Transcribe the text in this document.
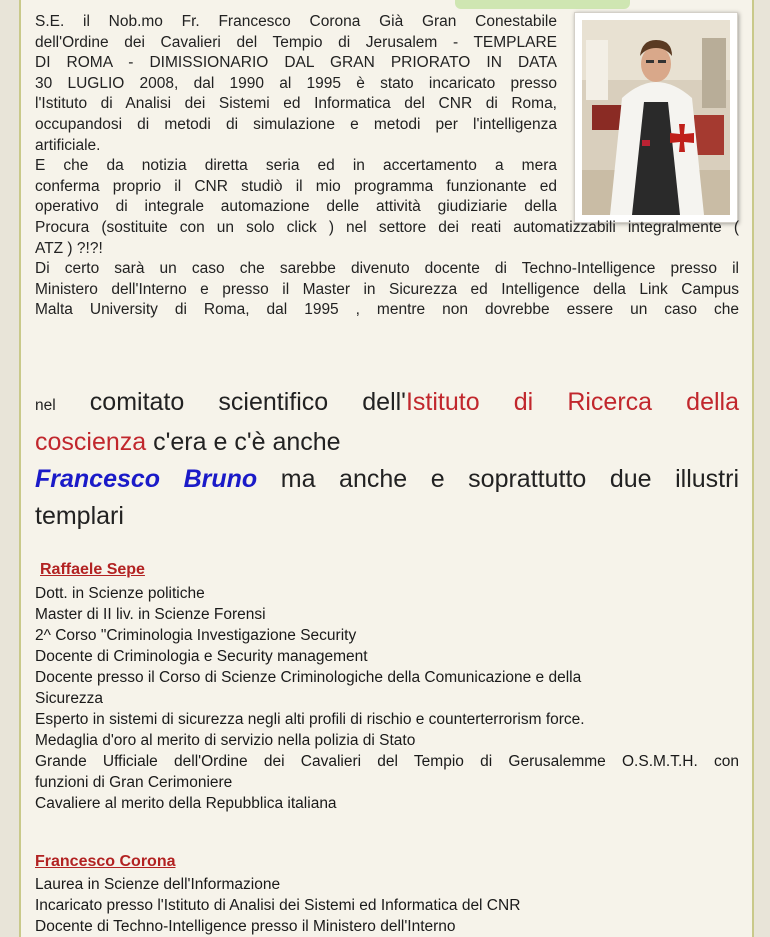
S.E. il Nob.mo Fr. Francesco Corona Già Gran Conestabile
dell'Ordine dei Cavalieri del Tempio di Jerusalem - TEMPLARE
DI ROMA - DIMISSIONARIO DAL GRAN PRIORATO IN DATA
30 LUGLIO 2008, dal 1990 al 1995 è stato incaricato presso
l'Istituto di Analisi dei Sistemi ed Informatica del CNR di Roma,
occupandosi di metodi di simulazione e metodi per l'intelligenza
artificiale.
E che da notizia diretta seria ed in accertamento a mera
conferma proprio il CNR studiò il mio programma funzionante ed
operativo di integrale automazione delle attività giudiziarie della
Procura (sostituite con un solo click ) nel settore dei reati automatizzabili integralmente (
ATZ ) ?!?!
Di certo sarà un caso che sarebbe divenuto docente di Techno-Intelligence presso il
Ministero dell'Interno e presso il Master in Sicurezza ed Intelligence della Link Campus
Malta University di Roma, dal 1995 , mentre non dovrebbe essere un caso che
nel comitato scientifico dell'Istituto di Ricerca della
coscienza c'era e c'è anche
Francesco Bruno ma anche e soprattutto due illustri
templari
Raffaele Sepe
Dott. in Scienze politiche
Master di II liv. in Scienze Forensi
2^ Corso "Criminologia Investigazione Security
Docente di Criminologia e Security management
Docente presso il Corso di Scienze Criminologiche della Comunicazione e della
Sicurezza
Esperto in sistemi di sicurezza negli alti profili di rischio e counterterrorism force.
Medaglia d'oro al merito di servizio nella polizia di Stato
Grande Ufficiale dell'Ordine dei Cavalieri del Tempio di Gerusalemme O.S.M.T.H. con
funzioni di Gran Cerimoniere
Cavaliere al merito della Repubblica italiana
Francesco Corona
Laurea in Scienze dell'Informazione
Incaricato presso l'Istituto di Analisi dei Sistemi ed Informatica del CNR
Docente di Techno-Intelligence presso il Ministero dell'Interno
